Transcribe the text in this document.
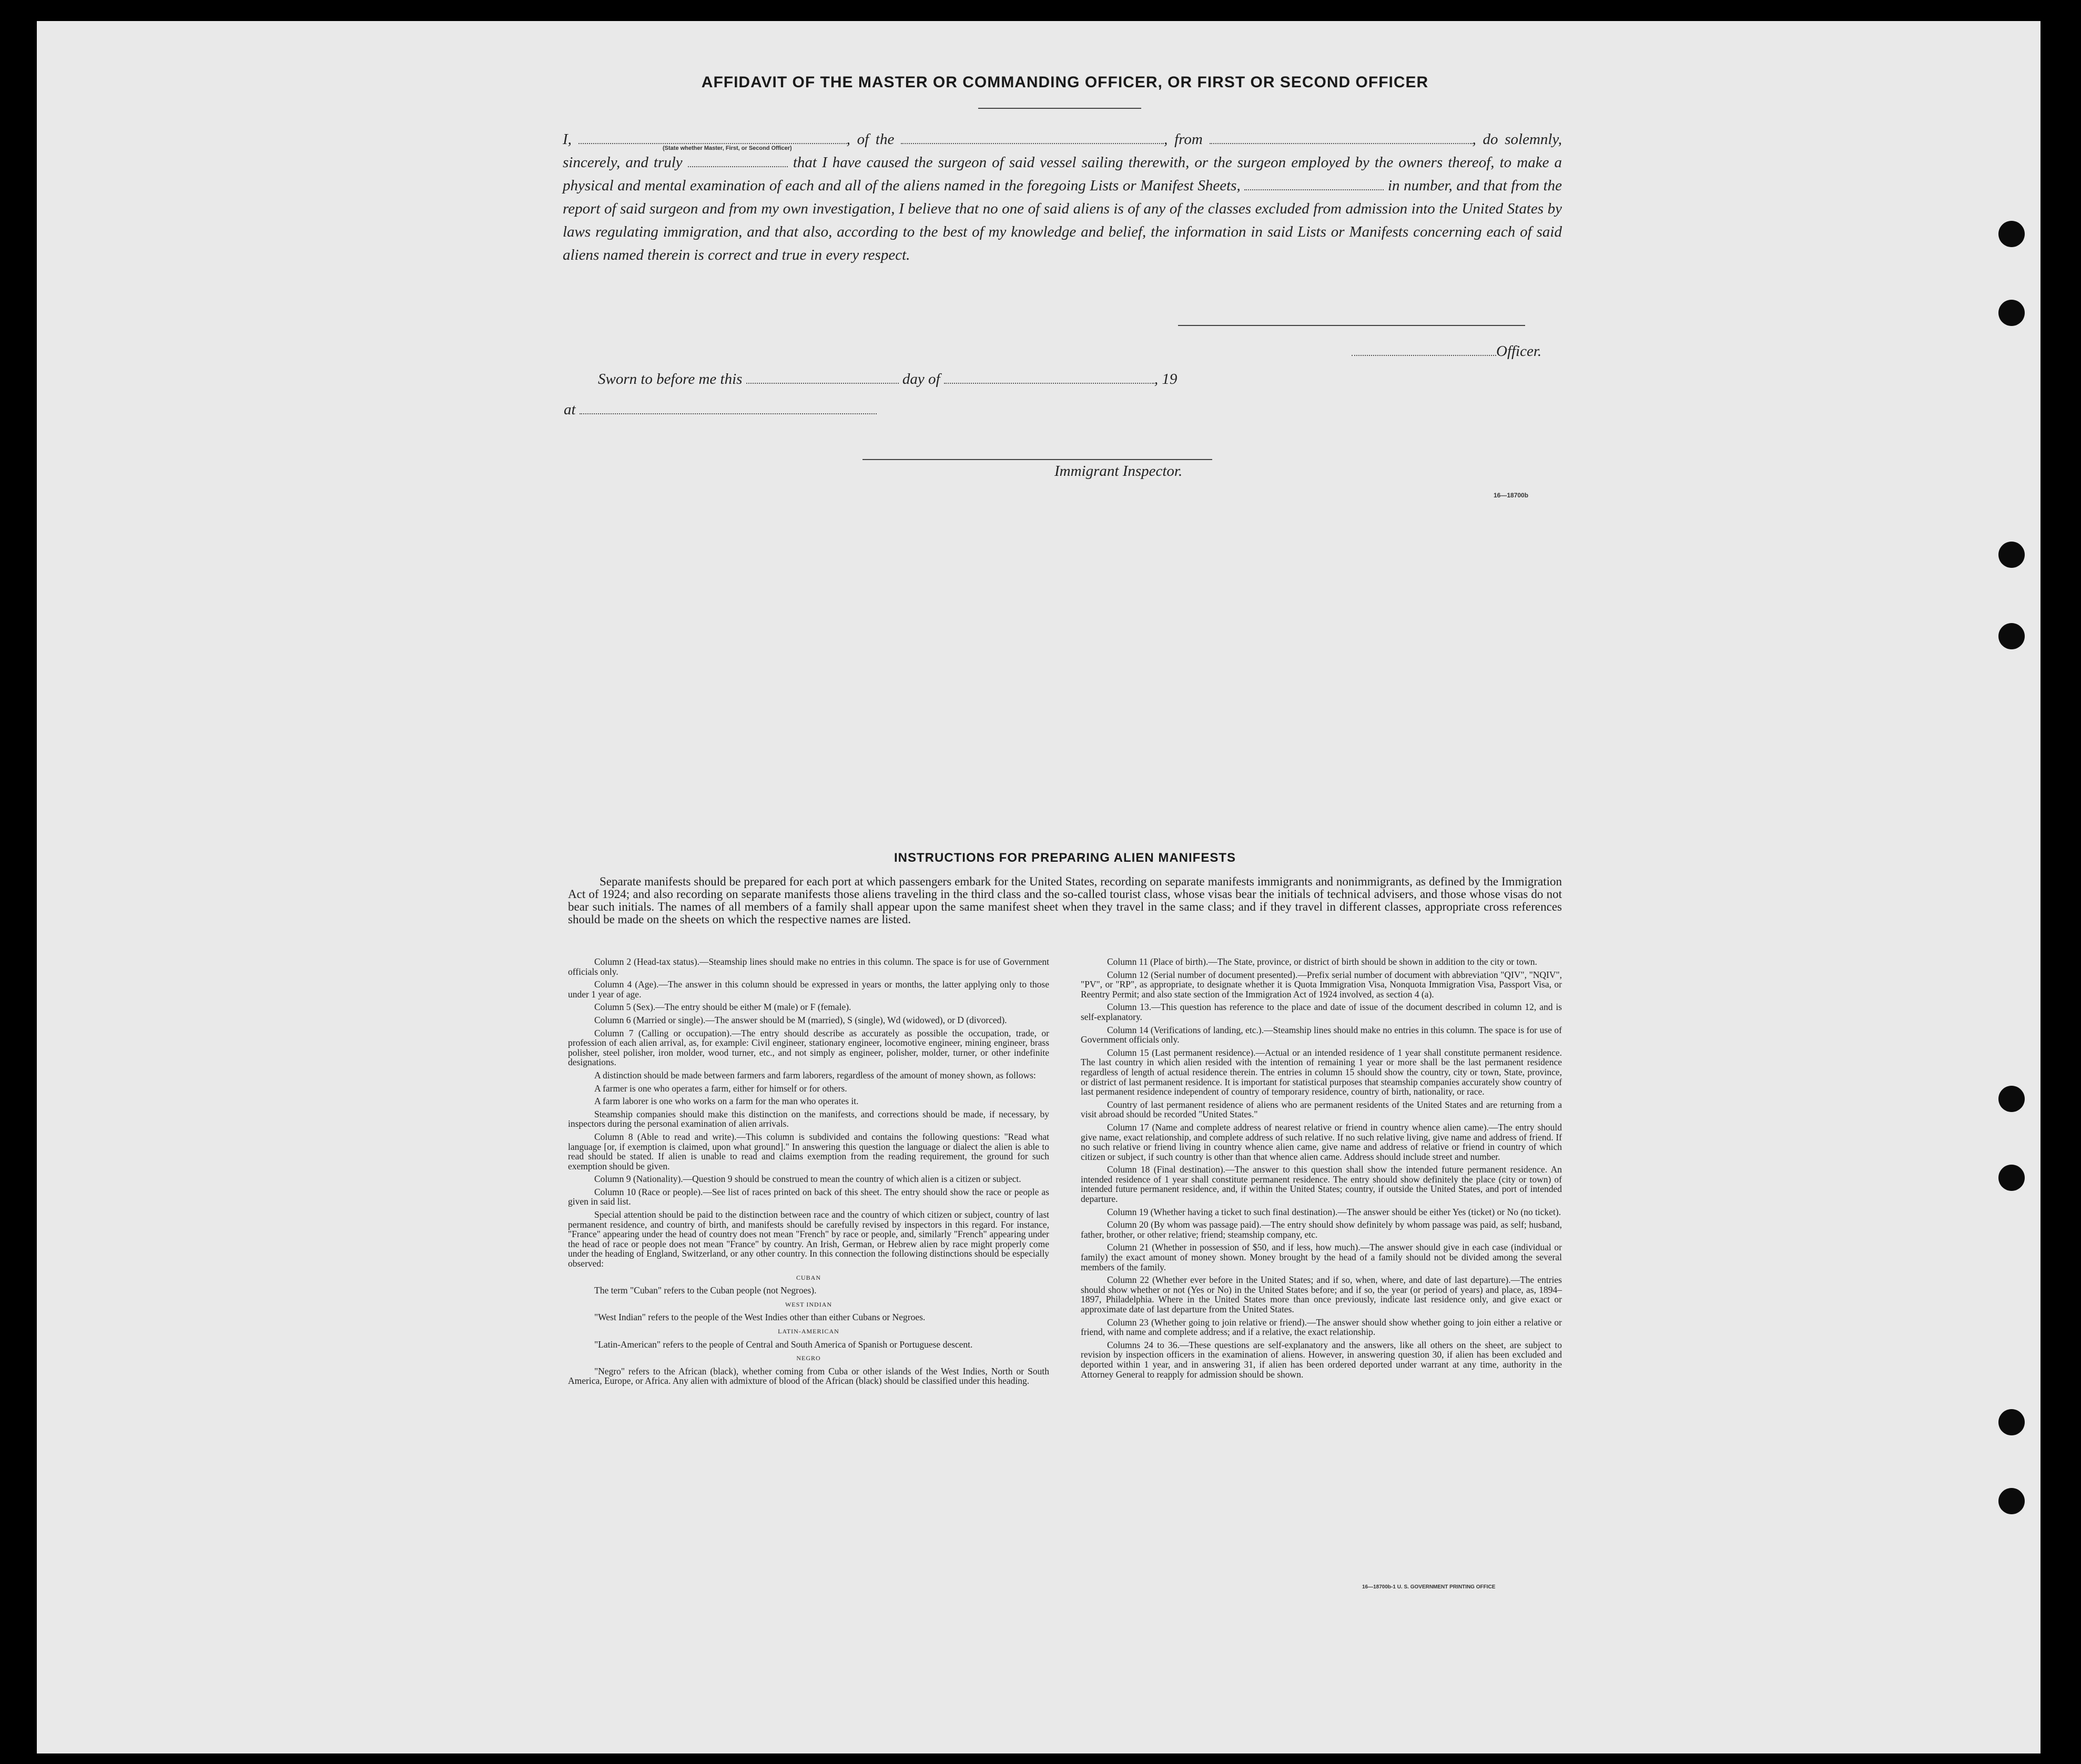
AFFIDAVIT OF THE MASTER OR COMMANDING OFFICER, OR FIRST OR SECOND OFFICER
I,	, of the	, from	, do solemnly, sincerely, and truly	that I have caused the surgeon of said vessel sailing therewith, or the surgeon employed by the owners thereof, to make a physical and mental examination of each and all of the aliens named in the foregoing Lists or Manifest Sheets,	in number, and that from the report of said surgeon and from my own investigation, I believe that no one of said aliens is of any of the classes excluded from admission into the United States by laws regulating immigration, and that also, according to the best of my knowledge and belief, the information in said Lists or Manifests concerning each of said aliens named therein is correct and true in every respect.
(State whether Master, First, or Second Officer)
Officer.
Sworn to before me this	day of	, 19
at
Immigrant Inspector.
16—18700b
INSTRUCTIONS FOR PREPARING ALIEN MANIFESTS
Separate manifests should be prepared for each port at which passengers embark for the United States, recording on separate manifests immigrants and nonimmigrants, as defined by the Immigration Act of 1924; and also recording on separate manifests those aliens traveling in the third class and the so-called tourist class, whose visas bear the initials of technical advisers, and those whose visas do not bear such initials. The names of all members of a family shall appear upon the same manifest sheet when they travel in the same class; and if they travel in different classes, appropriate cross references should be made on the sheets on which the respective names are listed.

Column 2 (Head-tax status).—Steamship lines should make no entries in this column. The space is for use of Government officials only.

Column 4 (Age).—The answer in this column should be expressed in years or months, the latter applying only to those under 1 year of age.

Column 5 (Sex).—The entry should be either M (male) or F (female).

Column 6 (Married or single).—The answer should be M (married), S (single), Wd (widowed), or D (divorced).

Column 7 (Calling or occupation).—The entry should describe as accurately as possible the occupation, trade, or profession of each alien arrival, as, for example: Civil engineer, stationary engineer, locomotive engineer, mining engineer, brass polisher, steel polisher, iron molder, wood turner, etc., and not simply as engineer, polisher, molder, turner, or other indefinite designations.

A distinction should be made between farmers and farm laborers, regardless of the amount of money shown, as follows:

A farmer is one who operates a farm, either for himself or for others.

A farm laborer is one who works on a farm for the man who operates it.

Steamship companies should make this distinction on the manifests, and corrections should be made, if necessary, by inspectors during the personal examination of alien arrivals.

Column 8 (Able to read and write).—This column is subdivided and contains the following questions: "Read what language [or, if exemption is claimed, upon what ground]." In answering this question the language or dialect the alien is able to read should be stated. If alien is unable to read and claims exemption from the reading requirement, the ground for such exemption should be given.

Column 9 (Nationality).—Question 9 should be construed to mean the country of which alien is a citizen or subject.

Column 10 (Race or people).—See list of races printed on back of this sheet. The entry should show the race or people as given in said list.

Special attention should be paid to the distinction between race and the country of which citizen or subject, country of last permanent residence, and country of birth, and manifests should be carefully revised by inspectors in this regard. For instance, "France" appearing under the head of country does not mean "French" by race or people, and, similarly "French" appearing under the head of race or people does not mean "France" by country. An Irish, German, or Hebrew alien by race might properly come under the heading of England, Switzerland, or any other country. In this connection the following distinctions should be especially observed:

CUBAN

The term "Cuban" refers to the Cuban people (not Negroes).

WEST INDIAN

"West Indian" refers to the people of the West Indies other than either Cubans or Negroes.

LATIN-AMERICAN

"Latin-American" refers to the people of Central and South America of Spanish or Portuguese descent.

NEGRO

"Negro" refers to the African (black), whether coming from Cuba or other islands of the West Indies, North or South America, Europe, or Africa. Any alien with admixture of blood of the African (black) should be classified under this heading.

Column 11 (Place of birth).—The State, province, or district of birth should be shown in addition to the city or town.

Column 12 (Serial number of document presented).—Prefix serial number of document with abbreviation "QIV", "NQIV", "PV", or "RP", as appropriate, to designate whether it is Quota Immigration Visa, Nonquota Immigration Visa, Passport Visa, or Reentry Permit; and also state section of the Immigration Act of 1924 involved, as section 4 (a).

Column 13.—This question has reference to the place and date of issue of the document described in column 12, and is self-explanatory.

Column 14 (Verifications of landing, etc.).—Steamship lines should make no entries in this column. The space is for use of Government officials only.

Column 15 (Last permanent residence).—Actual or an intended residence of 1 year shall constitute permanent residence. The last country in which alien resided with the intention of remaining 1 year or more shall be the last permanent residence regardless of length of actual residence therein. The entries in column 15 should show the country, city or town, State, province, or district of last permanent residence. It is important for statistical purposes that steamship companies accurately show country of last permanent residence independent of country of temporary residence, country of birth, nationality, or race.

Country of last permanent residence of aliens who are permanent residents of the United States and are returning from a visit abroad should be recorded "United States."

Column 17 (Name and complete address of nearest relative or friend in country whence alien came).—The entry should give name, exact relationship, and complete address of such relative. If no such relative living, give name and address of friend. If no such relative or friend living in country whence alien came, give name and address of relative or friend in country of which citizen or subject, if such country is other than that whence alien came. Address should include street and number.

Column 18 (Final destination).—The answer to this question shall show the intended future permanent residence. An intended residence of 1 year shall constitute permanent residence. The entry should show definitely the place (city or town) of intended future permanent residence, and, if within the United States; country, if outside the United States, and port of intended departure.

Column 19 (Whether having a ticket to such final destination).—The answer should be either Yes (ticket) or No (no ticket).

Column 20 (By whom was passage paid).—The entry should show definitely by whom passage was paid, as self; husband, father, brother, or other relative; friend; steamship company, etc.

Column 21 (Whether in possession of $50, and if less, how much).—The answer should give in each case (individual or family) the exact amount of money shown. Money brought by the head of a family should not be divided among the several members of the family.

Column 22 (Whether ever before in the United States; and if so, when, where, and date of last departure).—The entries should show whether or not (Yes or No) in the United States before; and if so, the year (or period of years) and place, as, 1894–1897, Philadelphia. Where in the United States more than once previously, indicate last residence only, and give exact or approximate date of last departure from the United States.

Column 23 (Whether going to join relative or friend).—The answer should show whether going to join either a relative or friend, with name and complete address; and if a relative, the exact relationship.

Columns 24 to 36.—These questions are self-explanatory and the answers, like all others on the sheet, are subject to revision by inspection officers in the examination of aliens. However, in answering question 30, if alien has been excluded and deported within 1 year, and in answering 31, if alien has been ordered deported under warrant at any time, authority in the Attorney General to reapply for admission should be shown.

16—18700b-1 U. S. GOVERNMENT PRINTING OFFICE
